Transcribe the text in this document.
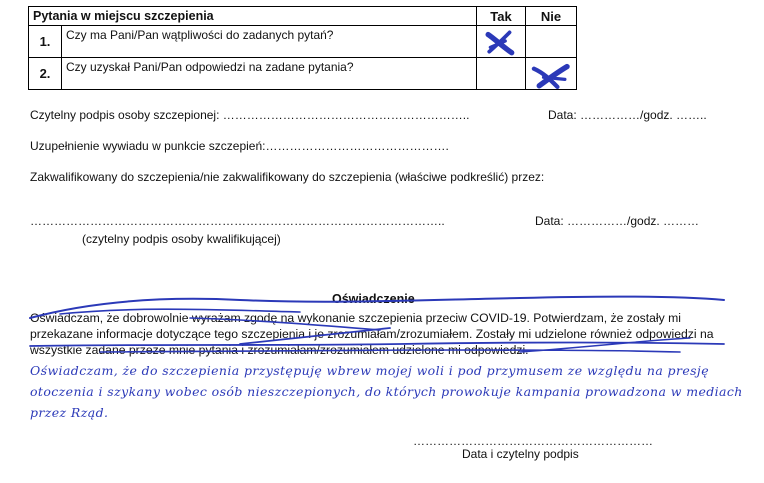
Pytania w miejscu szczepienia		Tak	Nie
1.	Czy ma Pani/Pan wątpliwości do zadanych pytań?	

2.	Czy uzyskał Pani/Pan odpowiedzi na zadane pytania?		
Czytelny podpis osoby szczepionej: ……………………………………………………..	Data: ……………/godz. ……..
Uzupełnienie wywiadu w punkcie szczepień:……………………………………….
Zakwalifikowany do szczepienia/nie zakwalifikowany do szczepienia (właściwe podkreślić) przez:
…………………………………………………………………………………………..	Data: ……………/godz. ………
(czytelny podpis osoby kwalifikującej)
Oświadczenie
Oświadczam, że dobrowolnie wyrażam zgodę na wykonanie szczepienia przeciw COVID-19. Potwierdzam, że zostały mi przekazane informacje dotyczące tego szczepienia i je zrozumiałam/zrozumiałem. Zostały mi udzielone również odpowiedzi na wszystkie zadane przeze mnie pytania i zrozumiałam/zrozumiałem udzielone mi odpowiedzi.
Oświadczam, że do szczepienia przystępuję wbrew mojej woli i pod przymusem ze względu na presję otoczenia i szykany wobec osób nieszczepionych, do których prowokuje kampania prowadzona w mediach przez Rząd.
……………………………………………………
Data i czytelny podpis
